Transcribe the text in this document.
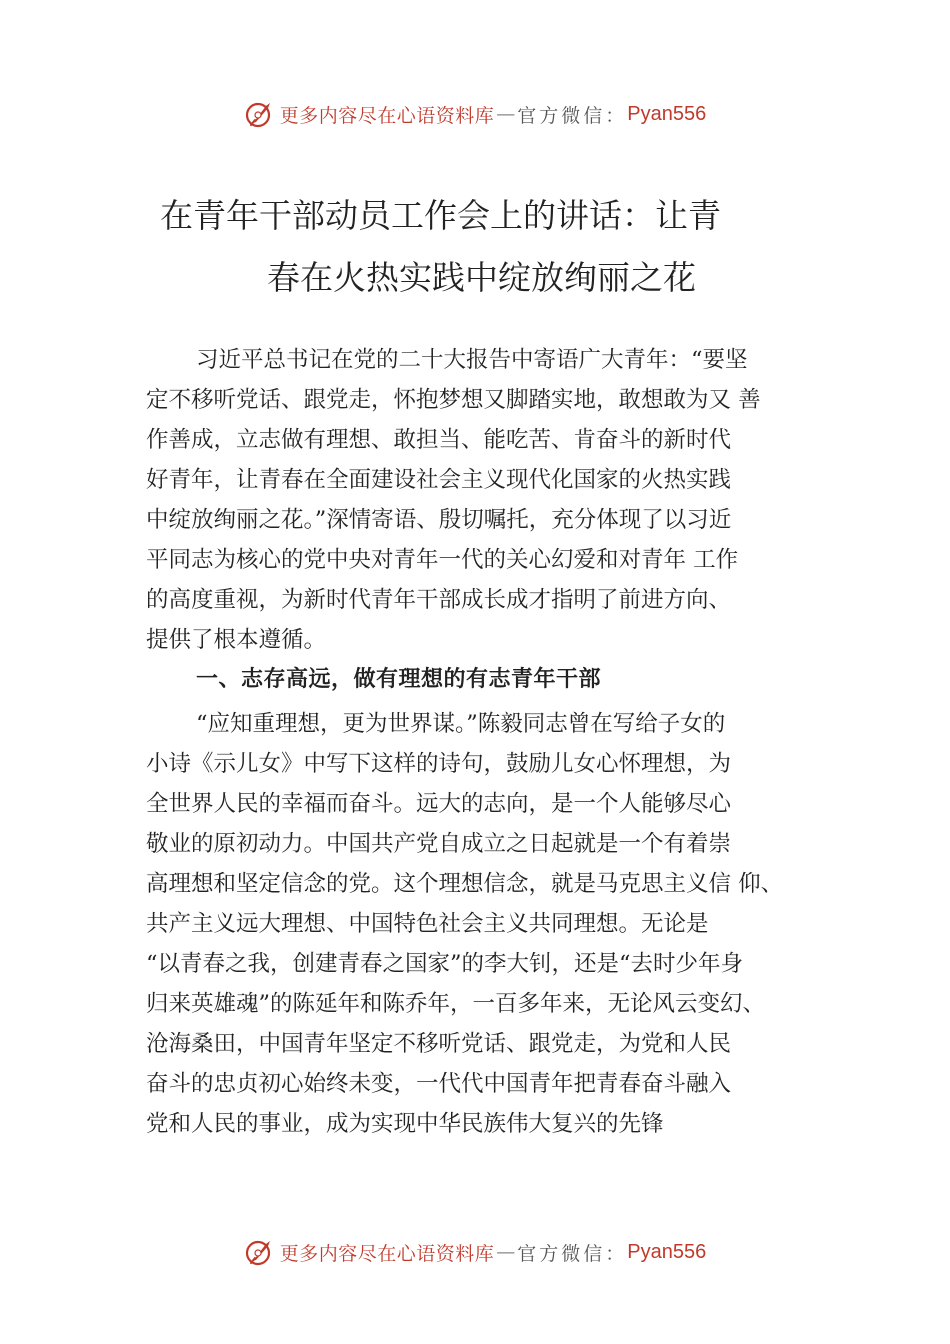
更多内容尽在心语资料库 — 官方微信： Pyan556
在青年干部动员工作会上的讲话：让青
春在火热实践中绽放绚丽之花
习近平总书记在党的二十大报告中寄语广大青年：“要坚
定不移听党话、跟党走，怀抱梦想又脚踏实地，敢想敢为又 善
作善成，立志做有理想、敢担当、能吃苦、肯奋斗的新时代
好青年，让青春在全面建设社会主义现代化国家的火热实践
中绽放绚丽之花。”深情寄语、殷切嘱托，充分体现了以习近
平同志为核心的党中央对青年一代的关心幻爱和对青年 工作
的高度重视，为新时代青年干部成长成才指明了前进方向、
提供了根本遵循。
一、志存高远，做有理想的有志青年干部
“应知重理想，更为世界谋。”陈毅同志曾在写给子女的
小诗《示儿女》中写下这样的诗句，鼓励儿女心怀理想，为
全世界人民的幸福而奋斗。远大的志向，是一个人能够尽心
敬业的原初动力。中国共产党自成立之日起就是一个有着崇
高理想和坚定信念的党。这个理想信念，就是马克思主义信 仰、
共产主义远大理想、中国特色社会主义共同理想。无论是
“以青春之我，创建青春之国家”的李大钊，还是“去时少年身
归来英雄魂”的陈延年和陈乔年，一百多年来，无论风云变幻、
沧海桑田，中国青年坚定不移听党话、跟党走，为党和人民
奋斗的忠贞初心始终未变，一代代中国青年把青春奋斗融入
党和人民的事业，成为实现中华民族伟大复兴的先锋
更多内容尽在心语资料库 — 官方微信： Pyan556
